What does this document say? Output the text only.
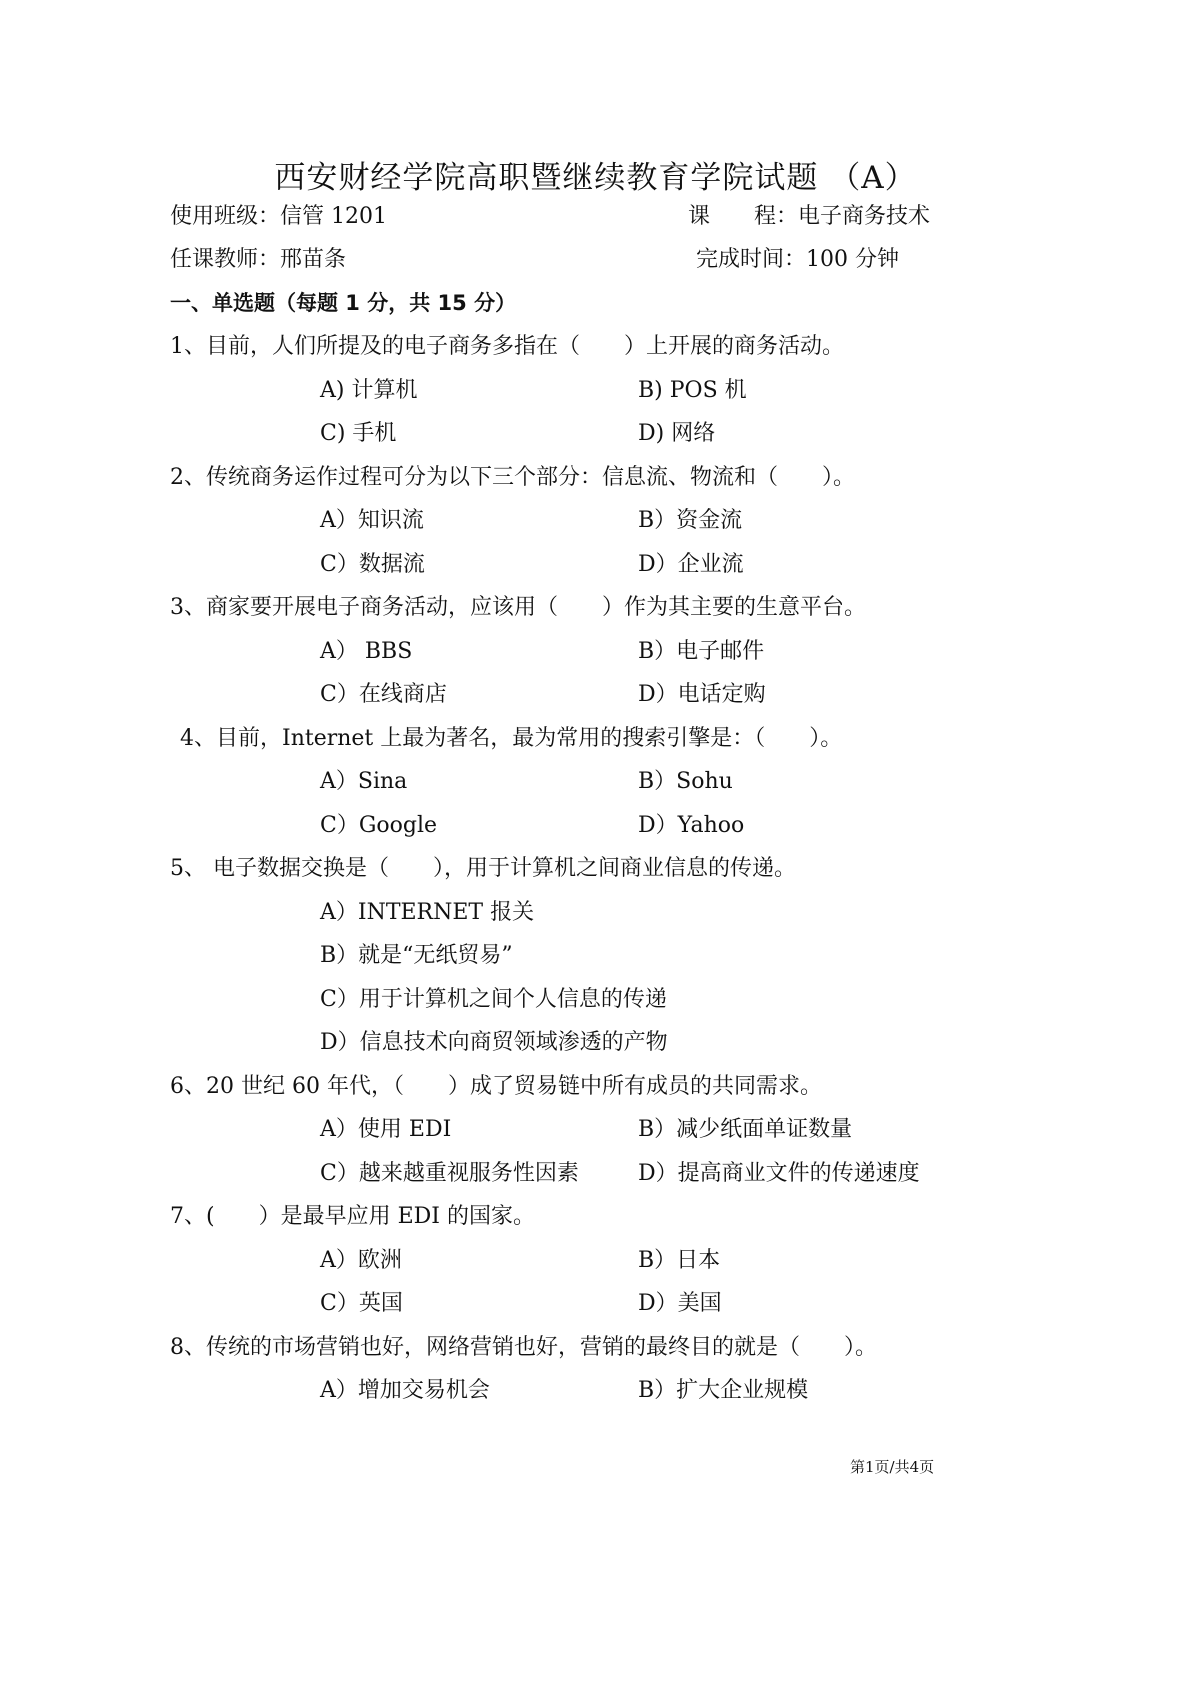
西安财经学院高职暨继续教育学院试题 （A）
使用班级：信管 1201	课　　程：电子商务技术
任课教师：邢苗条	完成时间：100 分钟
一、单选题（每题 1 分，共 15 分）
1、目前，人们所提及的电子商务多指在（　　）上开展的商务活动。
A) 计算机	B) POS 机
C) 手机	D) 网络
2、传统商务运作过程可分为以下三个部分：信息流、物流和（　　）。
A）知识流	B）资金流
C）数据流	D）企业流
3、商家要开展电子商务活动，应该用（　　）作为其主要的生意平台。
A） BBS	B）电子邮件
C）在线商店	D）电话定购
4、目前，Internet 上最为著名，最为常用的搜索引擎是：（　　）。
A）Sina	B）Sohu
C）Google	D）Yahoo
5、 电子数据交换是（　　），用于计算机之间商业信息的传递。
A）INTERNET 报关
B）就是“无纸贸易”
C）用于计算机之间个人信息的传递
D）信息技术向商贸领域渗透的产物
6、20 世纪 60 年代，（　　）成了贸易链中所有成员的共同需求。
A）使用 EDI	B）减少纸面单证数量
C）越来越重视服务性因素	D）提高商业文件的传递速度
7、(　　）是最早应用 EDI 的国家。
A）欧洲	B）日本
C）英国	D）美国
8、传统的市场营销也好，网络营销也好，营销的最终目的就是（　　）。
A）增加交易机会	B）扩大企业规模
第1页/共4页
